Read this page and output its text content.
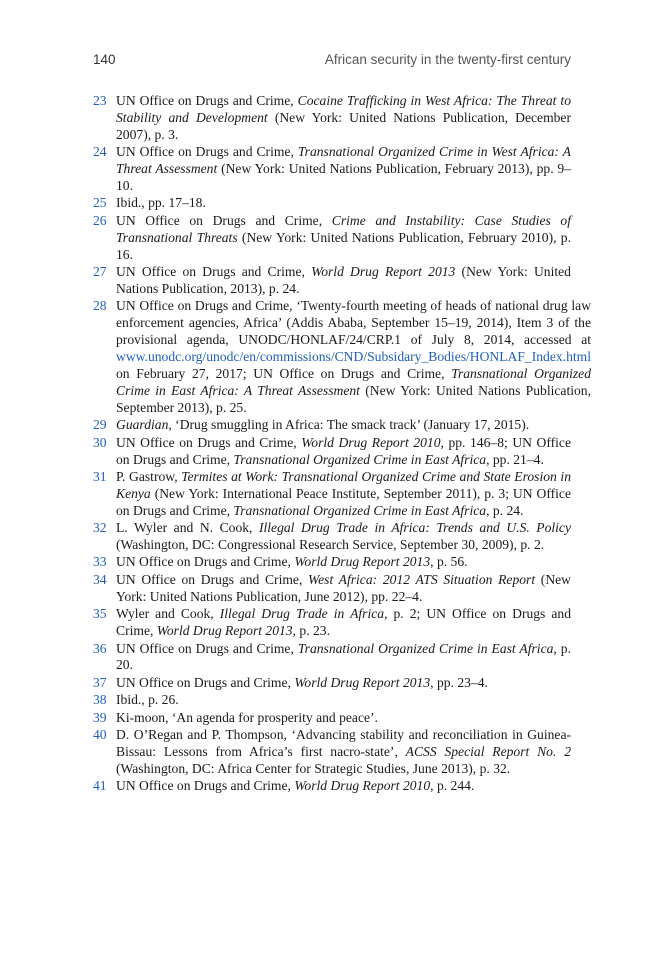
140	African security in the twenty-first century
23 UN Office on Drugs and Crime, Cocaine Trafficking in West Africa: The Threat to Stability and Development (New York: United Nations Publication, December 2007), p. 3.
24 UN Office on Drugs and Crime, Transnational Organized Crime in West Africa: A Threat Assessment (New York: United Nations Publication, February 2013), pp. 9–10.
25 Ibid., pp. 17–18.
26 UN Office on Drugs and Crime, Crime and Instability: Case Studies of Transnational Threats (New York: United Nations Publication, February 2010), p. 16.
27 UN Office on Drugs and Crime, World Drug Report 2013 (New York: United Nations Publication, 2013), p. 24.
28 UN Office on Drugs and Crime, ‘Twenty-fourth meeting of heads of national drug law enforcement agencies, Africa’ (Addis Ababa, September 15–19, 2014), Item 3 of the provisional agenda, UNODC/HONLAF/24/CRP.1 of July 8, 2014, accessed at www.unodc.org/unodc/en/commissions/CND/Subsidary_Bodies/HONLAF_Index.html on February 27, 2017; UN Office on Drugs and Crime, Transnational Organized Crime in East Africa: A Threat Assessment (New York: United Nations Publication, September 2013), p. 25.
29 Guardian, ‘Drug smuggling in Africa: The smack track’ (January 17, 2015).
30 UN Office on Drugs and Crime, World Drug Report 2010, pp. 146–8; UN Office on Drugs and Crime, Transnational Organized Crime in East Africa, pp. 21–4.
31 P. Gastrow, Termites at Work: Transnational Organized Crime and State Erosion in Kenya (New York: International Peace Institute, September 2011), p. 3; UN Office on Drugs and Crime, Transnational Organized Crime in East Africa, p. 24.
32 L. Wyler and N. Cook, Illegal Drug Trade in Africa: Trends and U.S. Policy (Washington, DC: Congressional Research Service, September 30, 2009), p. 2.
33 UN Office on Drugs and Crime, World Drug Report 2013, p. 56.
34 UN Office on Drugs and Crime, West Africa: 2012 ATS Situation Report (New York: United Nations Publication, June 2012), pp. 22–4.
35 Wyler and Cook, Illegal Drug Trade in Africa, p. 2; UN Office on Drugs and Crime, World Drug Report 2013, p. 23.
36 UN Office on Drugs and Crime, Transnational Organized Crime in East Africa, p. 20.
37 UN Office on Drugs and Crime, World Drug Report 2013, pp. 23–4.
38 Ibid., p. 26.
39 Ki-moon, ‘An agenda for prosperity and peace’.
40 D. O’Regan and P. Thompson, ‘Advancing stability and reconciliation in Guinea-Bissau: Lessons from Africa’s first nacro-state’, ACSS Special Report No. 2 (Washington, DC: Africa Center for Strategic Studies, June 2013), p. 32.
41 UN Office on Drugs and Crime, World Drug Report 2010, p. 244.
